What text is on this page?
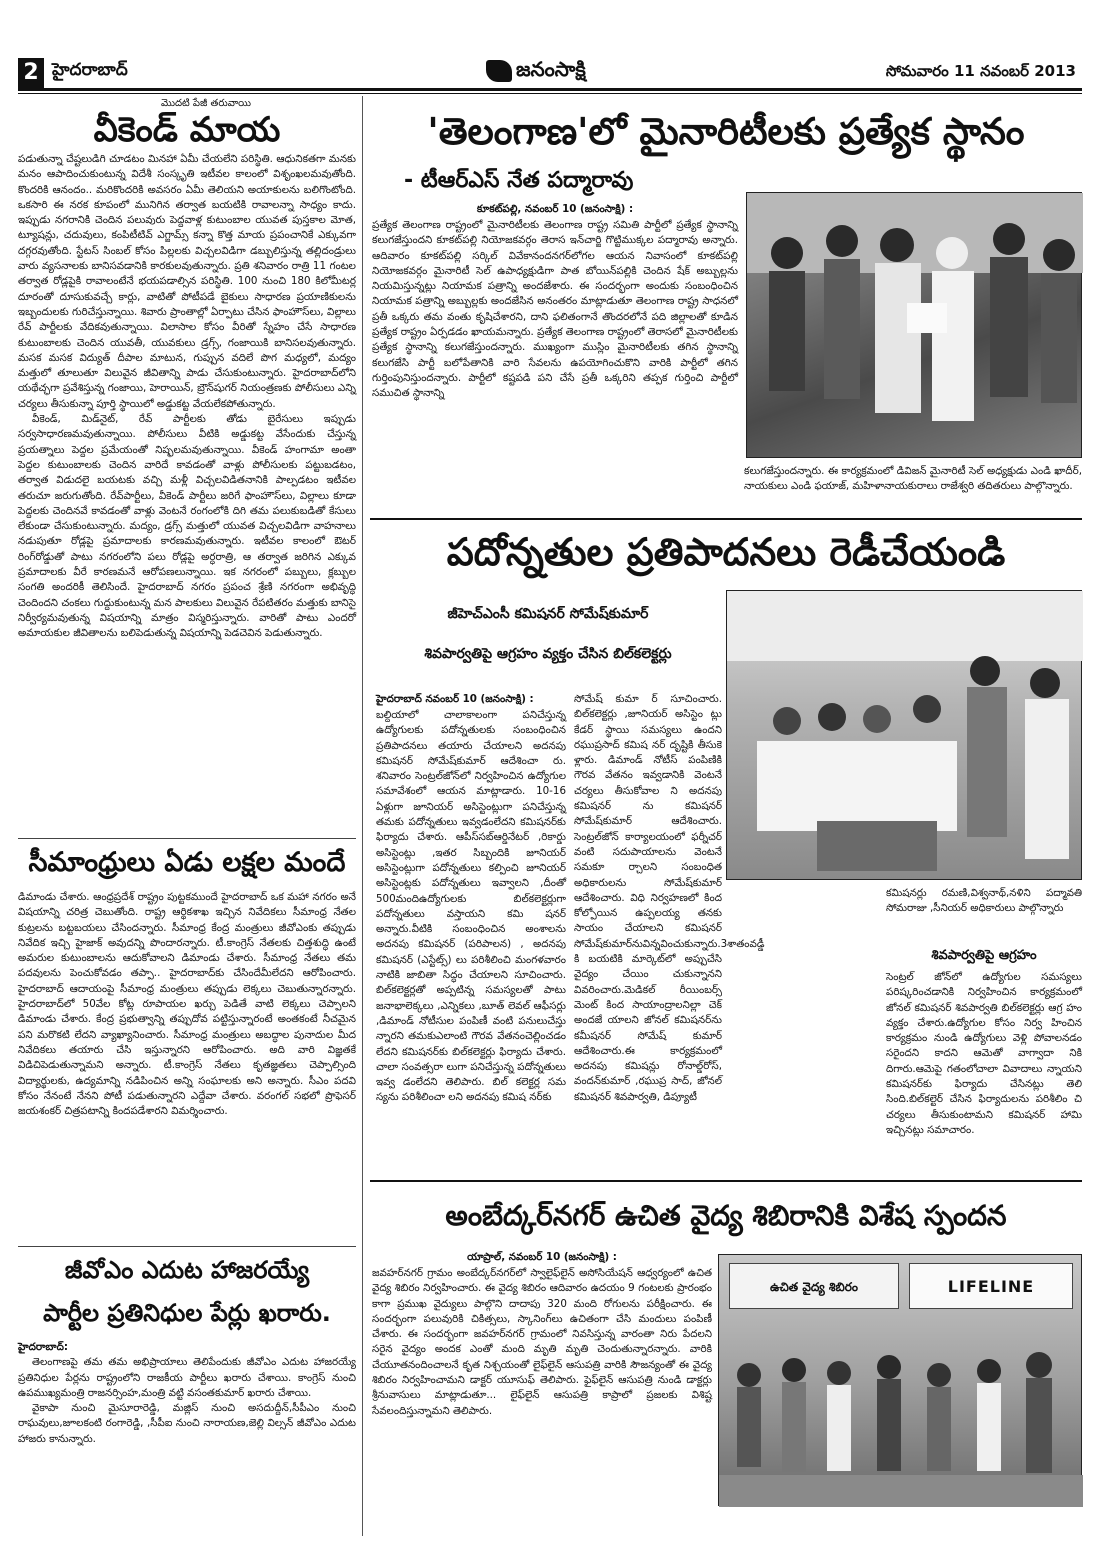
2 హైదరాబాద్	జనంసాక్షి	సోమవారం 11 నవంబర్ 2013
మొదటి పేజీ తరువాయి
వీకెండ్ మాయ

పడుతున్నా చేష్టలుడిగి చూడటం మినహా ఏమీ చేయలేని పరిస్థితి. ఆధునికతగా మనకు మనం ఆపాదించుకుంటున్న విదేశీ సంస్కృతి ఇటీవల కాలంలో విశృంఖలమవుతోంది. కొందరికి ఆనందం.. మరికొందరికి అవసరం ఏమీ తెలియని అయాకులను బలిగొంటోంది. ఒకసారి ఈ నరక కూపంలో మునిగిన తర్వాత బయటికి రావాలన్నా సాధ్యం కాదు. ఇప్పుడు నగరానికి చెందిన పలువురు పెద్దవాళ్ల కుటుంబాల యువత పుస్తకాల మోత, ట్యూషన్లు, చదువులు, కంపిటీటివ్ ఎగ్జామ్స్ కన్నా కొత్త మాయ ప్రపంచానికే ఎక్కువగా దగ్గరవుతోంది. స్టేటస్ సింబల్ కోసం పిల్లలకు విచ్చలవిడిగా డబ్బులిస్తున్న తల్లిదండ్రులు వారు వ్యసనాలకు బానిసవడానికి కారకులవుతున్నారు. ప్రతి శనివారం రాత్రి 11 గంటల తర్వాత రోడ్లపైకి రావాలంటేనే భయపడాల్సిన పరిస్థితి. 100 నుంచి 180 కిలోమీటర్ల దూరంతో దూసుకువచ్చే కార్లు, వాటితో పోటీపడే బైకులు సాధారణ ప్రయాణికులను ఇబ్బందులకు గురిచేస్తున్నాయి. శివారు ప్రాంతాల్లో ఏర్పాటు చేసిన ఫాంహౌస్‌లు, విల్లాలు రేవ్ పార్టీలకు వేదికవుతున్నాయి. విలాసాల కోసం వీరితో స్నేహం చేసే సాధారణ కుటుంబాలకు చెందిన యువతీ, యువకులు డ్రగ్స్, గంజాయికి బానిసలవుతున్నారు. మసక మసక విద్యుత్ దీపాల మాటున, గుప్పున వదిలే పొగ మధ్యలో, మద్యం మత్తులో తూలుతూ విలువైన జీవితాన్ని పాడు చేసుకుంటున్నారు. హైదరాబాద్‌లోని యథేచ్ఛగా ప్రవేశిస్తున్న గంజాయి, హెరాయిన్, బ్రౌన్‌షుగర్ నియంత్రణకు పోలీసులు ఎన్ని చర్యలు తీసుకున్నా పూర్తి స్థాయిలో అడ్డుకట్ట వేయలేకపోతున్నారు.

వీకెండ్, మిడ్‌నైట్, రేవ్ పార్టీలకు తోడు బైరేసులు ఇప్పుడు సర్వసాధారణమవుతున్నాయి. పోలీసులు వీటికి అడ్డుకట్ట వేసేందుకు చేస్తున్న ప్రయత్నాలు పెద్దల ప్రమేయంతో నిష్ఫలమవుతున్నాయి. వీకెండ్ హంగామా అంతా పెద్దల కుటుంబాలకు చెందిన వారిదే కావడంతో వాళ్లు పోలీసులకు పట్టుబడటం, తర్వాత విడుదలై బయటకు వచ్చి మళ్లీ విచ్చలవిడితనానికి పాల్పడటం ఇటీవల తరుచూ జరుగుతోంది. రేవ్‌పార్టీలు, వీకెండ్ పార్టీలు జరిగే ఫాంహౌస్‌లు, విల్లాలు కూడా పెద్దలకు చెందినవే కావడంతో వాళ్లు వెంటనే రంగంలోకి దిగి తమ పలుకుబడితో కేసులు లేకుండా చేసుకుంటున్నారు. మద్యం, డ్రగ్స్ మత్తులో యువత విచ్చలవిడిగా వాహనాలు నడుపుతూ రోడ్లపై ప్రమాదాలకు కారణమవుతున్నారు. ఇటీవల కాలంలో ఔటర్ రింగ్‌రోడ్డుతో పాటు నగరంలోని పలు రోడ్లపై అర్ధరాత్రి, ఆ తర్వాత జరిగిన ఎక్కువ ప్రమాదాలకు వీరే కారణమనే ఆరోపణలున్నాయి. ఇక నగరంలో పబ్బులు, క్లబ్బుల సంగతి అందరికీ తెలిసిందే. హైదరాబాద్ నగరం ప్రపంచ శ్రేణి నగరంగా అభివృద్ధి చెందిందని చంకలు గుద్దుకుంటున్న మన పాలకులు విలువైన రేపటితరం మత్తుకు బానిసై నిర్వీర్యమవుతున్న విషయాన్ని మాత్రం విస్మరిస్తున్నారు. వారితో పాటు ఎందరో అమాయకుల జీవితాలను బలిపెడుతున్న విషయాన్ని పెడచెవిన పెడుతున్నారు.

సీమాంధ్రులు ఏడు లక్షల మందే

డిమాండు చేశారు. ఆంధ్రప్రదేశ్ రాష్ట్రం పుట్టకముందే హైదరాబాద్ ఒక మహా నగరం అనే విషయాన్ని చరిత్ర చెబుతోంది. రాష్ట్ర ఆర్థికశాఖ ఇచ్చిన నివేదికలు సీమాంధ్ర నేతల కుట్రలను బట్టబయలు చేసిందన్నారు. సీమాంధ్ర కేంద్ర మంత్రులు జీవోఎంకు తప్పుడు నివేదిక ఇచ్చి హైజాక్ అవుదన్ని పొందారన్నారు. టీ.కాంగ్రెస్ నేతలకు చిత్తశుద్ధి ఉంటే అమరుల కుటుంబాలను ఆదుకోవాలని డిమాండు చేశారు. సీమాంధ్ర నేతలు తమ పదవులను పెంచుకోవడం తప్పా.. హైదరాబాద్‌కు చేసిందేమీలేదని ఆరోపించారు. హైదరాబాద్ ఆదాయంపై సీమాంధ్ర మంత్రులు తప్పుడు లెక్కలు చెబుతున్నారన్నారు. హైదరాబాద్‌లో 50వేల కోట్ల రూపాయల ఖర్చు పెడితే వాటి లెక్కలు చెప్పాలని డిమాండు చేశారు. కేంద్ర ప్రభుత్వాన్ని తప్పుదోవ పట్టిస్తున్నారంటే అంతకంటే నీచమైన పని మరొకటి లేదని వ్యాఖ్యానించారు. సీమాంధ్ర మంత్రులు అబద్ధాల పునాదుల మీద నివేదికలు తయారు చేసి ఇస్తున్నారని ఆరోపించారు. అది వారి విజ్ఞతకే విడిచిపెడుతున్నామని అన్నారు. టీ.కాంగ్రెస్ నేతలు కృతజ్ఞతలు చెప్పాల్సింది విద్యార్థులకు, ఉద్యమాన్ని నడిపించిన అన్ని సంఘాలకు అని అన్నారు. సీఎం పదవి కోసం నేనంటే నేనని పోటీ పడుతున్నారని ఎద్దేవా చేశారు. వరంగల్ సభలో ప్రొఫెసర్ జయశంకర్ చిత్రపటాన్ని కిందపడేశారని విమర్శించారు.

జీవోఎం ఎదుట హాజరయ్యే
పార్టీల ప్రతినిధుల పేర్లు ఖరారు.

హైదరాబాద్:

తెలంగాణపై తమ తమ అభిప్రాయాలు తెలిపేందుకు జీవోఎం ఎదుట హాజరయ్యే ప్రతినిధుల పేర్లను రాష్ట్రంలోని రాజకీయ పార్టీలు ఖరారు చేశాయి. కాంగ్రెస్ నుంచి ఉపముఖ్యమంత్రి రాజనర్సింహ,మంత్రి వట్టి వసంతకుమార్ ఖరారు చేశాయి.

వైకాపా నుంచి మైసూరారెడ్డి, మజ్లిస్ నుంచి అసదుద్దీన్,సీపీఎం నుంచి రాఘవులు,జూలకంటి రంగారెడ్డి, ,సీపీఐ నుంచి నారాయణ,జెల్లి విల్సన్ జీవోఎం ఎదుట హాజరు కానున్నారు.

'తెలంగాణ'లో మైనారిటీలకు ప్రత్యేక స్థానం
- టీఆర్ఎస్ నేత పద్మారావు

కూకట్‌పల్లి, నవంబర్ 10 (జనంసాక్షి) :

ప్రత్యేక తెలంగాణ రాష్ట్రంలో మైనారిటీలకు తెలంగాణ రాష్ట్ర సమితి పార్టీలో ప్రత్యేక స్థానాన్ని కలుగజేస్తుందని కూకట్‌పల్లి నియోజకవర్గం తెరాస ఇన్‌చార్జి గొట్టిముక్కల పద్మారావు అన్నారు. ఆదివారం కూకట్‌పల్లి సర్కిల్ వివేకానందనగర్‌లోగల ఆయన నివాసంలో కూకట్‌పల్లి నియోజకవర్గం మైనారిటీ సెల్ ఉపాధ్యక్షుడిగా పాత బోయిన్‌పల్లికి చెందిన షేక్ అబ్బుల్లను నియమిస్తున్నట్లు నియామక పత్రాన్ని అందజేశారు. ఈ సందర్భంగా అందుకు సంబంధించిన నియామక పత్రాన్ని అబ్బుల్లకు అందజేసిన అనంతరం మాట్లాడుతూ తెలంగాణ రాష్ట్ర సాధనలో ప్రతీ ఒక్కరు తమ వంతు కృషిచేశారని, దాని ఫలితంగానే తొందరలోనే పది జిల్లాలతో కూడిన ప్రత్యేక రాష్ట్రం ఏర్పడడం ఖాయమన్నారు. ప్రత్యేక తెలంగాణ రాష్ట్రంలో తెరాసలో మైనారిటీలకు ప్రత్యేక స్థానాన్ని కలుగజేస్తుందన్నారు. ముఖ్యంగా ముస్లిం మైనారిటీలకు తగిన స్థానాన్ని కలుగజేసి పార్టీ బలోపేతానికి వారి సేవలను ఉపయోగించుకొని వారికి పార్టీలో తగిన గుర్తింపునిస్తుందన్నారు. పార్టీలో కష్టపడి పని చేసే ప్రతీ ఒక్కరిని తప్పక గుర్తించి పార్టీలో సముచిత స్థానాన్ని

కలుగజేస్తుందన్నారు. ఈ కార్యక్రమంలో డివిజన్ మైనారిటీ సెల్ అధ్యక్షుడు ఎండి ఖాదీర్, నాయకులు ఎండి ఫయాజ్, మహిళానాయకురాలు రాజేశ్వరి తదితరులు పాల్గొన్నారు.

పదోన్నతుల ప్రతిపాదనలు రెడీచేయండి
జీహెచ్ఎంసీ కమిషనర్ సోమేష్‌కుమార్
శివపార్వతిపై ఆగ్రహం వ్యక్తం చేసిన బిల్‌కలెక్టర్లు

హైదరాబాద్ నవంబర్ 10 (జనంసాక్షి) :

బల్దియాలో చాలాకాలంగా పనిచేస్తున్న ఉద్యోగులకు పదోన్నతులకు సంబంధించిన ప్రతిపాదనలు తయారు చేయాలని అదనపు కమిషనర్ సోమేష్‌కుమార్ ఆదేశించా రు. శనివారం సెంట్రల్‌జోన్‌లో నిర్వహించిన ఉద్యోగుల సమావేశంలో ఆయన మాట్లాడారు. 10-16 ఏళ్లుగా జూనియర్ అసిస్టెంట్లుగా పనిచేస్తున్న తమకు పదోన్నతులు ఇవ్వడంలేదని కమిషనర్‌కు ఫిర్యాదు చేశారు. ఆపీస్‌సబ్‌ఆర్డినేటర్ ,రికార్డు అసిస్టెంట్లు ,ఇతర సిబ్బందికి జూనియర్ అసిస్టెంట్లుగా పదోన్నతులు కల్పించి జూనియర్ అసిస్టెంట్లకు పదోన్నతులు ఇవ్వాలని ,దీంతో 500మందిఉద్యోగులకు బిల్‌కలెక్టర్లుగా పదోన్నతులు వస్తాయని కమి షనర్ అన్నారు.వీటికి సంబంధించిన అంశాలను అదనపు కమిషనర్ (పరిపాలన) , అదనపు కమిషనర్ (ఎస్టేట్స్) లు పరిశీలించి మంగళవారం నాటికి జాబితా సిద్ధం చేయాలని సూచించారు. బిల్‌కలెక్టర్లతో అప్పటిన్న సమస్యలతో పాటు జనాభాలెక్కలు ,ఎన్నికలు ,బూత్ లెవల్ ఆఫీసర్లు ,డిమాండ్ నోటీసుల పంపిణీ వంటి పనులుచేస్తు న్నారని తమకుఎలాంటి గౌరవ వేతనంచెల్లించడం లేదని కమిషనర్‌కు బిల్‌కలెక్టర్లు ఫిర్యాదు చేశారు. చాలా సంవత్సరా లుగా పనిచేస్తున్న పదోన్నతులు ఇవ్వ డంలేదని తెలిపారు. బిల్ కలెక్టర్ల సమ స్యను పరిశీలించా లని అదనపు కమిష నర్‌కు

సోమేష్ కుమా ర్ సూచించారు. బిల్‌కలెక్టర్లు ,జూనియర్ అసిస్టెం ట్లు కేడర్ స్థాయి సమస్యలు ఉందని రఘుప్రసాద్ కమిష నర్ దృష్టికి తీసుకె ళ్లారు. డిమాండ్ నోటీస్ పంపిణికి గౌరవ వేతనం ఇవ్వడానికి వెంటనే చర్యలు తీసుకోవాల ని అదనపు కమిషనర్ ను కమిషనర్ సోమేష్‌కుమార్ ఆదేశించారు. సెంట్రల్‌జోన్ కార్యాలయంలో ఫర్నీచర్ వంటి సదుపాయాలను వెంటనే సమకూ ర్చాలని సంబంధిత అధికారులను సోమేష్‌కుమార్ ఆదేశించారు. విధి నిర్వహణలో కింద కోల్పోయిన ఉప్పలయ్య తనకు సాయం చేయాలని కమిషనర్ సోమేష్‌కుమార్‌నువిన్నవించుకున్నారు.3శాతంవడ్డీ కి బయటికి మార్కెట్‌లో అప్పుచేసి వైద్యం చేయిం చుకున్నానని వివరించారు.మెడికల్ రీయింబర్స్ మెంట్ కింద సాయాంద్రాలనిల్లా చెక్ అందజే యాలని జోనల్ కమిషనర్‌ను కమీషనర్ సోమేష్ కుమార్ ఆదేశించారు.ఈ కార్యక్రమంలో అదనపు కమిషన్లు రోనాల్డ్‌రోస్, వందన్‌కుమార్ ,రఘుప్ర సాద్, జోనల్ కమిషనర్ శివపార్వతి, డిప్యూటీ

కమిషనర్లు రమణి,విశ్వనాథ్,నళిని పద్మావతి సోమరాజు ,సీనియర్ అధికారులు పాల్గొన్నారు

శివపార్వతిపై ఆగ్రహం

సెంట్రల్ జోన్‌లో ఉద్యోగుల సమస్యలు పరిష్కరించడానికి నిర్వహించిన కార్యక్రమంలో జోనల్ కమిషనర్ శివపార్వతి బిల్‌కలెక్టర్లు ఆగ్ర హం వ్యక్తం చేశారు.ఉద్యోగుల కోసం నిర్వ హించిన కార్యక్రమం నుండి ఉద్యోగులు వెళ్లి పోవాలనడం సరైందని కాదని ఆమెతో వాగ్వాదా నికి దిగారు.ఆమెపై గతంలోచాలా వివాదాలు న్నాయని కమిషనర్‌కు ఫిర్యాదు చేసినట్లు తెలి సింది.బిల్‌కల్టెర్ చేసిన ఫిర్యాదులను పరిశీలిం చి చర్యలు తీసుకుంటామని కమిషనర్ హామి ఇచ్చినట్లు సమాచారం.

అంబేద్కర్‌నగర్ ఉచిత వైద్య శిబిరానికి విశేష స్పందన

యాప్రాల్, నవంబర్ 10 (జనంసాక్షి) :

జవహర్‌నగర్ గ్రామం అంబేద్కర్‌నగర్‌లో స్వాలైఫ్‌లైన్ అసోసియేషన్ ఆధ్వర్యంలో ఉచిత వైద్య శిబిరం నిర్వహించారు. ఈ వైద్య శిబిరం ఆదివారం ఉదయం 9 గంటలకు ప్రారంభం కాగా ప్రముఖ వైద్యులు పాల్గొని దాదాపు 320 మంది రోగులను పరీక్షించారు. ఈ సందర్భంగా పలువురికి చికిత్సలు, స్కానింగ్‌లు ఉచితంగా చేసి మందులు పంపిణీ చేశారు. ఈ సందర్భంగా జవహర్‌నగర్ గ్రామంలో నివసిస్తున్న వారంతా నిరు పేదలని సరైన వైద్యం అందక ఎంతో మంది మృతి మృతి చెందుతున్నారన్నారు. వారికి చేయూతనందించాలనే కృత నిశ్చయంతో లైఫ్‌లైన్ ఆసుపత్రి వారికి సౌజన్యంతో ఈ వైద్య శిబిరం నిర్వహించామని డాక్టర్ యూసుఫ్ తెలిపారు. ఫైఫ్‌లైన్ ఆసుపత్రి నుండి డాక్టర్లు శ్రీనువాసులు మాట్లాడుతూ... లైఫ్‌లైన్ ఆసుపత్రి కాప్రాలో ప్రజలకు విశిష్ట సేవలందిస్తున్నామని తెలిపారు.

ఉచిత వైద్య శిబిరం	LIFELINE
